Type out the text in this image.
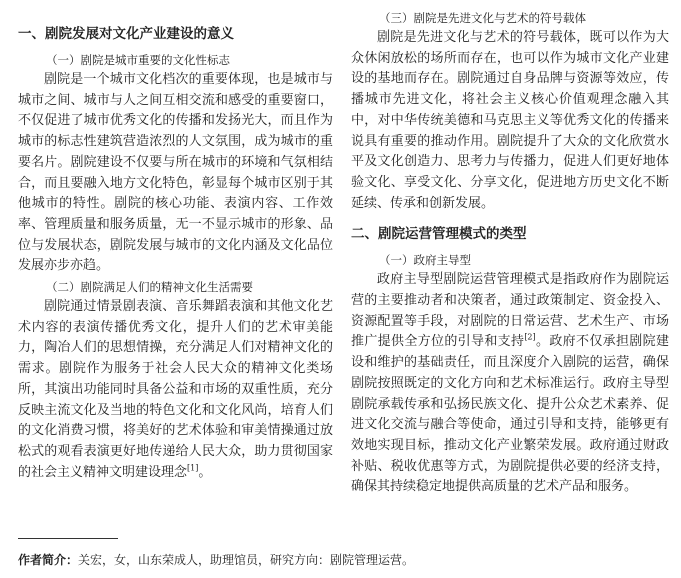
一、剧院发展对文化产业建设的意义
（一）剧院是城市重要的文化性标志

剧院是一个城市文化档次的重要体现，也是城市与城市之间、城市与人之间互相交流和感受的重要窗口，不仅促进了城市优秀文化的传播和发扬光大，而且作为城市的标志性建筑营造浓烈的人文氛围，成为城市的重要名片。剧院建设不仅要与所在城市的环境和气氛相结合，而且要融入地方文化特色，彰显每个城市区别于其他城市的特性。剧院的核心功能、表演内容、工作效率、管理质量和服务质量，无一不显示城市的形象、品位与发展状态，剧院发展与城市的文化内涵及文化品位发展亦步亦趋。

（二）剧院满足人们的精神文化生活需要

剧院通过情景剧表演、音乐舞蹈表演和其他文化艺术内容的表演传播优秀文化，提升人们的艺术审美能力，陶冶人们的思想情操，充分满足人们对精神文化的需求。剧院作为服务于社会人民大众的精神文化类场所，其演出功能同时具备公益和市场的双重性质，充分反映主流文化及当地的特色文化和文化风尚，培育人们的文化消费习惯，将美好的艺术体验和审美情操通过放松式的观看表演更好地传递给人民大众，助力贯彻国家的社会主义精神文明建设理念[1]。

（三）剧院是先进文化与艺术的符号载体

剧院是先进文化与艺术的符号载体，既可以作为大众休闲放松的场所而存在，也可以作为城市文化产业建设的基地而存在。剧院通过自身品牌与资源等效应，传播城市先进文化，将社会主义核心价值观理念融入其中，对中华传统美德和马克思主义等优秀文化的传播来说具有重要的推动作用。剧院提升了大众的文化欣赏水平及文化创造力、思考力与传播力，促进人们更好地体验文化、享受文化、分享文化，促进地方历史文化不断延续、传承和创新发展。

二、剧院运营管理模式的类型
（一）政府主导型

政府主导型剧院运营管理模式是指政府作为剧院运营的主要推动者和决策者，通过政策制定、资金投入、资源配置等手段，对剧院的日常运营、艺术生产、市场推广提供全方位的引导和支持[2]。政府不仅承担剧院建设和维护的基础责任，而且深度介入剧院的运营，确保剧院按照既定的文化方向和艺术标准运行。政府主导型剧院承载传承和弘扬民族文化、提升公众艺术素养、促进文化交流与融合等使命，通过引导和支持，能够更有效地实现目标，推动文化产业繁荣发展。政府通过财政补贴、税收优惠等方式，为剧院提供必要的经济支持，确保其持续稳定地提供高质量的艺术产品和服务。

作者简介：关宏，女，山东荣成人，助理馆员，研究方向：剧院管理运营。
